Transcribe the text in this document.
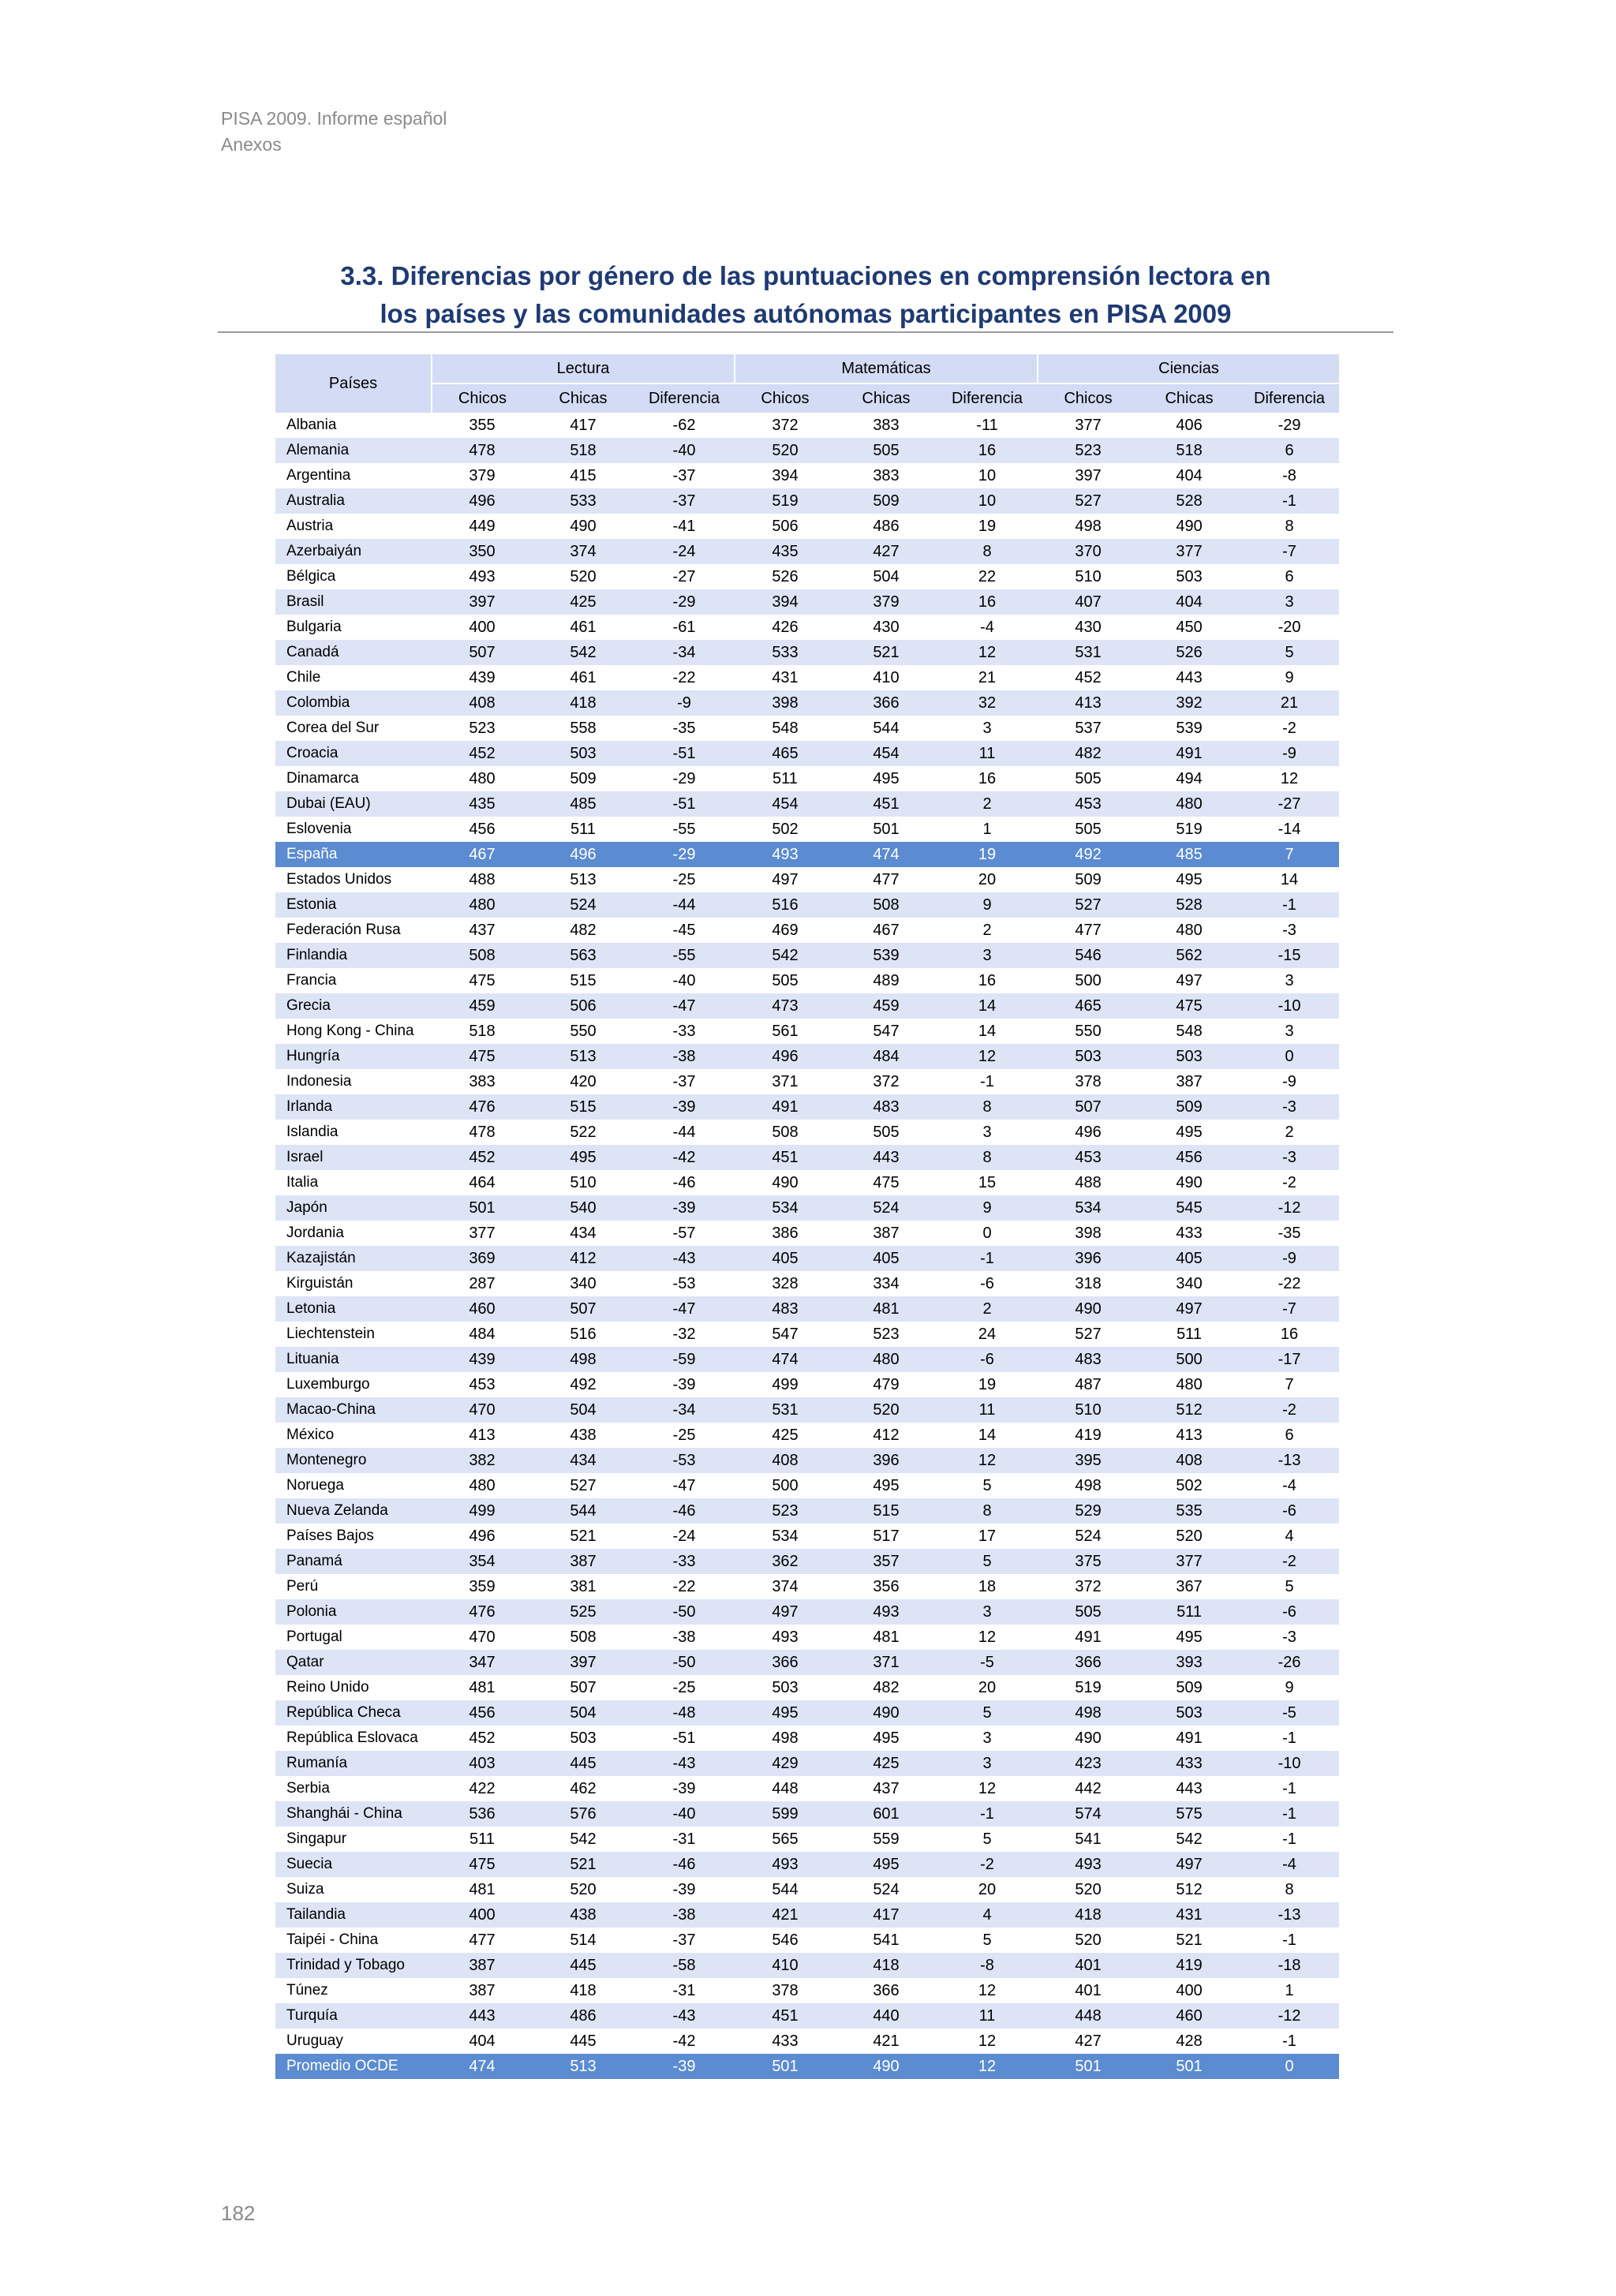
PISA 2009. Informe español
Anexos
3.3. Diferencias por género de las puntuaciones en comprensión lectora en
los países y las comunidades autónomas participantes en PISA 2009
Países	Lectura			Matemáticas			Ciencias		
	Chicos	Chicas	Diferencia	Chicos	Chicas	Diferencia	Chicos	Chicas	Diferencia
Albania	355	417	-62	372	383	-11	377	406	-29
Alemania	478	518	-40	520	505	16	523	518	6
Argentina	379	415	-37	394	383	10	397	404	-8
Australia	496	533	-37	519	509	10	527	528	-1
Austria	449	490	-41	506	486	19	498	490	8
Azerbaiyán	350	374	-24	435	427	8	370	377	-7
Bélgica	493	520	-27	526	504	22	510	503	6
Brasil	397	425	-29	394	379	16	407	404	3
Bulgaria	400	461	-61	426	430	-4	430	450	-20
Canadá	507	542	-34	533	521	12	531	526	5
Chile	439	461	-22	431	410	21	452	443	9
Colombia	408	418	-9	398	366	32	413	392	21
Corea del Sur	523	558	-35	548	544	3	537	539	-2
Croacia	452	503	-51	465	454	11	482	491	-9
Dinamarca	480	509	-29	511	495	16	505	494	12
Dubai (EAU)	435	485	-51	454	451	2	453	480	-27
Eslovenia	456	511	-55	502	501	1	505	519	-14
España	467	496	-29	493	474	19	492	485	7
Estados Unidos	488	513	-25	497	477	20	509	495	14
Estonia	480	524	-44	516	508	9	527	528	-1
Federación Rusa	437	482	-45	469	467	2	477	480	-3
Finlandia	508	563	-55	542	539	3	546	562	-15
Francia	475	515	-40	505	489	16	500	497	3
Grecia	459	506	-47	473	459	14	465	475	-10
Hong Kong - China	518	550	-33	561	547	14	550	548	3
Hungría	475	513	-38	496	484	12	503	503	0
Indonesia	383	420	-37	371	372	-1	378	387	-9
Irlanda	476	515	-39	491	483	8	507	509	-3
Islandia	478	522	-44	508	505	3	496	495	2
Israel	452	495	-42	451	443	8	453	456	-3
Italia	464	510	-46	490	475	15	488	490	-2
Japón	501	540	-39	534	524	9	534	545	-12
Jordania	377	434	-57	386	387	0	398	433	-35
Kazajistán	369	412	-43	405	405	-1	396	405	-9
Kirguistán	287	340	-53	328	334	-6	318	340	-22
Letonia	460	507	-47	483	481	2	490	497	-7
Liechtenstein	484	516	-32	547	523	24	527	511	16
Lituania	439	498	-59	474	480	-6	483	500	-17
Luxemburgo	453	492	-39	499	479	19	487	480	7
Macao-China	470	504	-34	531	520	11	510	512	-2
México	413	438	-25	425	412	14	419	413	6
Montenegro	382	434	-53	408	396	12	395	408	-13
Noruega	480	527	-47	500	495	5	498	502	-4
Nueva Zelanda	499	544	-46	523	515	8	529	535	-6
Países Bajos	496	521	-24	534	517	17	524	520	4
Panamá	354	387	-33	362	357	5	375	377	-2
Perú	359	381	-22	374	356	18	372	367	5
Polonia	476	525	-50	497	493	3	505	511	-6
Portugal	470	508	-38	493	481	12	491	495	-3
Qatar	347	397	-50	366	371	-5	366	393	-26
Reino Unido	481	507	-25	503	482	20	519	509	9
República Checa	456	504	-48	495	490	5	498	503	-5
República Eslovaca	452	503	-51	498	495	3	490	491	-1
Rumanía	403	445	-43	429	425	3	423	433	-10
Serbia	422	462	-39	448	437	12	442	443	-1
Shanghái - China	536	576	-40	599	601	-1	574	575	-1
Singapur	511	542	-31	565	559	5	541	542	-1
Suecia	475	521	-46	493	495	-2	493	497	-4
Suiza	481	520	-39	544	524	20	520	512	8
Tailandia	400	438	-38	421	417	4	418	431	-13
Taipéi - China	477	514	-37	546	541	5	520	521	-1
Trinidad y Tobago	387	445	-58	410	418	-8	401	419	-18
Túnez	387	418	-31	378	366	12	401	400	1
Turquía	443	486	-43	451	440	11	448	460	-12
Uruguay	404	445	-42	433	421	12	427	428	-1
Promedio OCDE	474	513	-39	501	490	12	501	501	0
182
